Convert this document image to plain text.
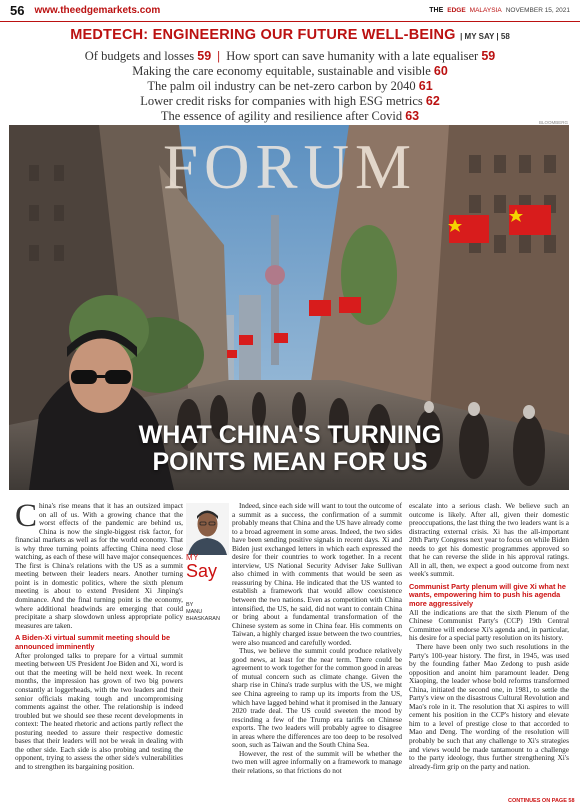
56 www.theedgemarkets.com	THE EDGE MALAYSIA NOVEMBER 15, 2021
MEDTECH: ENGINEERING OUR FUTURE WELL-BEING | MY SAY | 58
Of budgets and losses 59 | How sport can save humanity with a late equaliser 59
Making the care economy equitable, sustainable and visible 60
The palm oil industry can be net-zero carbon by 2040 61
Lower credit risks for companies with high ESG metrics 62
The essence of agility and resilience after Covid 63	BLOOMBERG
FORUM
WHAT CHINA'S TURNING
POINTS MEAN FOR US

China's rise means that it has an outsized impact on all of us. With a growing chance that the worst effects of the pandemic are behind us, China is now the single-biggest risk factor, for financial markets as well as for the world economy. That is why three turning points affecting China need close watching, as each of these will have major consequences. The first is China's relations with the US as a summit meeting between their leaders nears. Another turning point is in domestic politics, where the sixth plenum meeting is about to extend President Xi Jinping's dominance. And the final turning point is the economy, where additional headwinds are emerging that could precipitate a sharp slowdown unless appropriate policy measures are taken.

A Biden-Xi virtual summit meeting should be announced imminently

After prolonged talks to prepare for a virtual summit meeting between US President Joe Biden and Xi, word is out that the meeting will be held next week. In recent months, the impression has grown of two big powers constantly at loggerheads, with the two leaders and their senior officials making tough and uncompromising comments against the other. The relationship is indeed troubled but we should see these recent developments in context: The heated rhetoric and actions partly reflect the posturing needed to assure their respective domestic bases that their leaders will not be weak in dealing with the other side. Each side is also probing and testing the opponent, trying to assess the other side's vulnerabilities and to strengthen its bargaining position.

MY
Say
BY
MANU BHASKARAN

Indeed, since each side will want to tout the outcome of a summit as a success, the confirmation of a summit probably means that China and the US have already come to a broad agreement in some areas. Indeed, the two sides have been sending positive signals in recent days. Xi and Biden just exchanged letters in which each expressed the desire for their countries to work together. In a recent interview, US National Security Adviser Jake Sullivan also chimed in with comments that would be seen as reassuring by China. He indicated that the US wanted to establish a framework that would allow coexistence between the two nations. Even as competition with China intensified, the US, he said, did not want to contain China or bring about a fundamental transformation of the Chinese system as some in China fear. His comments on Taiwan, a highly charged issue between the two countries, were also nuanced and carefully worded.

Thus, we believe the summit could produce relatively good news, at least for the near term. There could be agreement to work together for the common good in areas of mutual concern such as climate change. Given the sharp rise in China's trade surplus with the US, we might see China agreeing to ramp up its imports from the US, which have lagged behind what it promised in the January 2020 trade deal. The US could sweeten the mood by rescinding a few of the Trump era tariffs on Chinese exports. The two leaders will probably agree to disagree in areas where the differences are too deep to be resolved soon, such as Taiwan and the South China Sea.

However, the rest of the summit will be whether the two men will agree informally on a framework to manage their relations, so that frictions do not

escalate into a serious clash. We believe such an outcome is likely. After all, given their domestic preoccupations, the last thing the two leaders want is a distracting external crisis. Xi has the all-important 20th Party Congress next year to focus on while Biden needs to get his domestic programmes approved so that he can reverse the slide in his approval ratings. All in all, then, we expect a good outcome from next week's summit.

Communist Party plenum will give Xi what he wants, empowering him to push his agenda more aggressively

All the indications are that the sixth Plenum of the Chinese Communist Party's (CCP) 19th Central Committee will endorse Xi's agenda and, in particular, his desire for a special party resolution on its history.

There have been only two such resolutions in the Party's 100-year history. The first, in 1945, was used by the founding father Mao Zedong to push aside opposition and anoint him paramount leader. Deng Xiaoping, the leader whose bold reforms transformed China, initiated the second one, in 1981, to settle the Party's view on the disastrous Cultural Revolution and Mao's role in it. The resolution that Xi aspires to will cement his position in the CCP's history and elevate him to a level of prestige close to that accorded to Mao and Deng. The wording of the resolution will probably be such that any challenge to Xi's strategies and views would be made tantamount to a challenge to the party ideology, thus further strengthening Xi's already-firm grip on the party and nation.

CONTINUES ON PAGE 58
